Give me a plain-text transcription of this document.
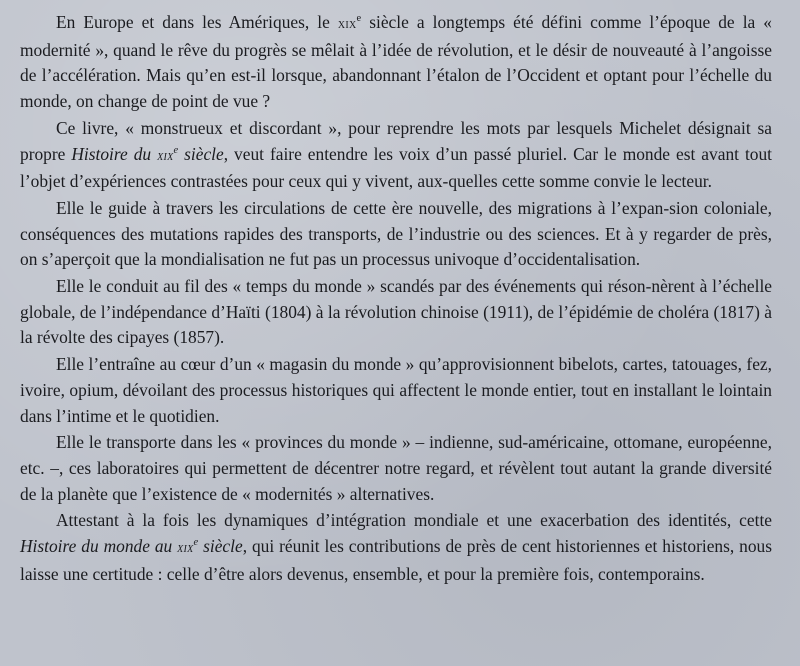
En Europe et dans les Amériques, le xix$^e$ siècle a longtemps été défini comme l’époque de la « modernité », quand le rêve du progrès se mêlait à l’idée de révolution, et le désir de nouveauté à l’angoisse de l’accélération. Mais qu’en est-il lorsque, abandonnant l’étalon de l’Occident et optant pour l’échelle du monde, on change de point de vue ?

Ce livre, « monstrueux et discordant », pour reprendre les mots par lesquels Michelet désignait sa propre Histoire du xix$^e$ siècle, veut faire entendre les voix d’un passé pluriel. Car le monde est avant tout l’objet d’expériences contrastées pour ceux qui y vivent, aux-quelles cette somme convie le lecteur.

Elle le guide à travers les circulations de cette ère nouvelle, des migrations à l’expan-sion coloniale, conséquences des mutations rapides des transports, de l’industrie ou des sciences. Et à y regarder de près, on s’aperçoit que la mondialisation ne fut pas un processus univoque d’occidentalisation.

Elle le conduit au fil des « temps du monde » scandés par des événements qui réson-nèrent à l’échelle globale, de l’indépendance d’Haïti (1804) à la révolution chinoise (1911), de l’épidémie de choléra (1817) à la révolte des cipayes (1857).

Elle l’entraîne au cœur d’un « magasin du monde » qu’approvisionnent bibelots, cartes, tatouages, fez, ivoire, opium, dévoilant des processus historiques qui affectent le monde entier, tout en installant le lointain dans l’intime et le quotidien.

Elle le transporte dans les « provinces du monde » – indienne, sud-américaine, ottomane, européenne, etc. –, ces laboratoires qui permettent de décentrer notre regard, et révèlent tout autant la grande diversité de la planète que l’existence de « modernités » alternatives.

Attestant à la fois les dynamiques d’intégration mondiale et une exacerbation des identités, cette Histoire du monde au xix$^e$ siècle, qui réunit les contributions de près de cent historiennes et historiens, nous laisse une certitude : celle d’être alors devenus, ensemble, et pour la première fois, contemporains.
